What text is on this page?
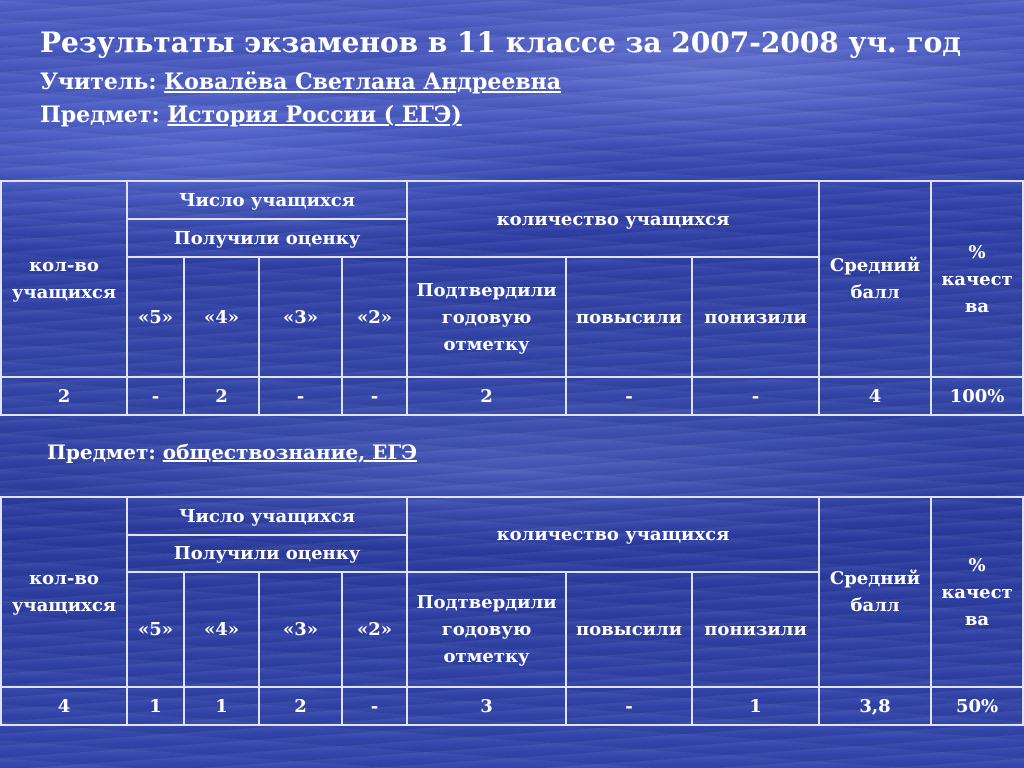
Результаты экзаменов в 11 классе за 2007-2008 уч. год
Учитель: Ковалёва Светлана Андреевна
Предмет: История России ( ЕГЭ)
кол-во учащихся	Число учащихся				количество учащихся			Средний балл	%
качест ва

	Получили оценку								
	«5»	«4»	«3»	«2»	Подтвердили годовую отметку	повысили	понизили		
2	-	2	-	-	2	-	-	4	100%
Предмет: обществознание, ЕГЭ
кол-во учащихся	Число учащихся				количество учащихся			Средний балл	%
качест ва

	Получили оценку								
	«5»	«4»	«3»	«2»	Подтвердили годовую отметку	повысили	понизили		
4	1	1	2	-	3	-	1	3,8	50%
